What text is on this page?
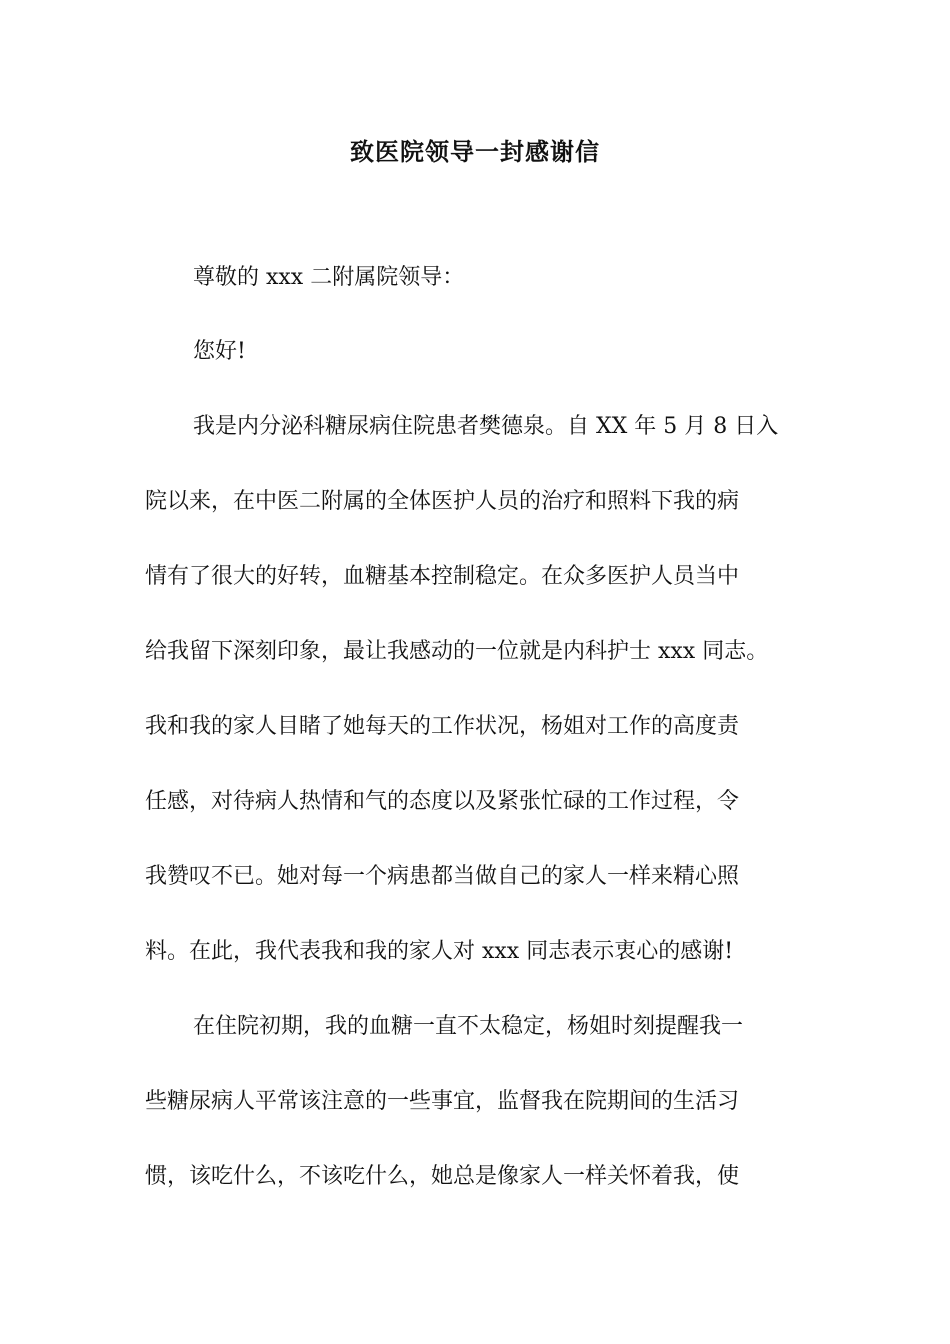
致医院领导一封感谢信
尊敬的 xxx 二附属院领导：
您好!
我是内分泌科糖尿病住院患者樊德泉。自 XX 年 5 月 8 日入
院以来，在中医二附属的全体医护人员的治疗和照料下我的病
情有了很大的好转，血糖基本控制稳定。在众多医护人员当中
给我留下深刻印象，最让我感动的一位就是内科护士 xxx 同志。
我和我的家人目睹了她每天的工作状况，杨姐对工作的高度责
任感，对待病人热情和气的态度以及紧张忙碌的工作过程，令
我赞叹不已。她对每一个病患都当做自己的家人一样来精心照
料。在此，我代表我和我的家人对 xxx 同志表示衷心的感谢!
在住院初期，我的血糖一直不太稳定，杨姐时刻提醒我一
些糖尿病人平常该注意的一些事宜，监督我在院期间的生活习
惯，该吃什么，不该吃什么，她总是像家人一样关怀着我，使
